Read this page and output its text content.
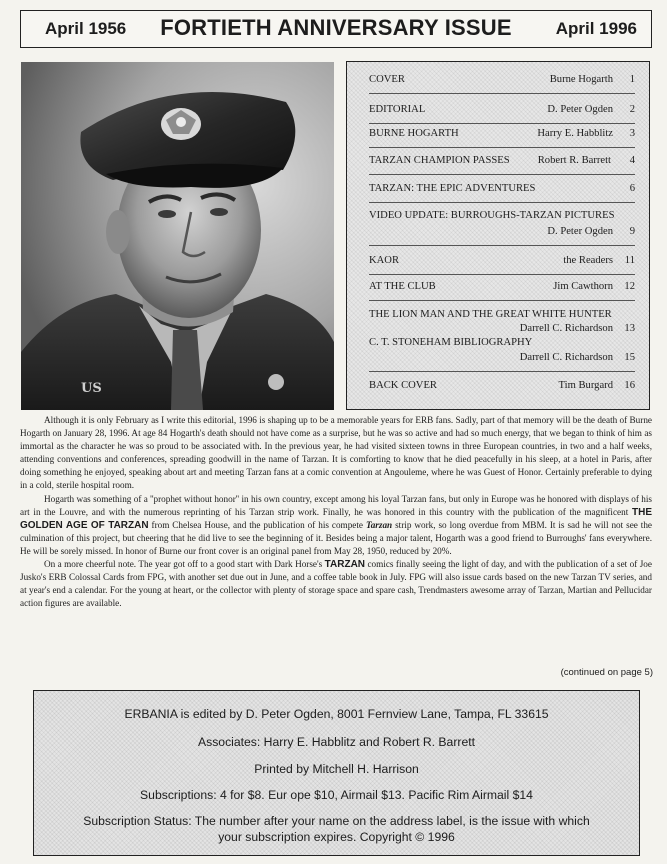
April 1956	FORTIETH ANNIVERSARY ISSUE	April 1996
US
COVER	Burne Hogarth 1
EDITORIAL	D. Peter Ogden 2
BURNE HOGARTH	Harry E. Habblitz 3
TARZAN CHAMPION PASSES	Robert R. Barrett 4
TARZAN: THE EPIC ADVENTURES	6
VIDEO UPDATE: BURROUGHS-TARZAN PICTURES
D. Peter Ogden 9
KAOR	the Readers 11
AT THE CLUB	Jim Cawthorn 12
THE LION MAN AND THE GREAT WHITE HUNTER
Darrell C. Richardson 13
C. T. STONEHAM BIBLIOGRAPHY
Darrell C. Richardson 15
BACK COVER	Tim Burgard 16

Although it is only February as I write this editorial, 1996 is shaping up to be a memorable years for ERB fans. Sadly, part of that memory will be the death of Burne Hogarth on January 28, 1996. At age 84 Hogarth's death should not have come as a surprise, but he was so active and had so much energy, that we began to think of him as immortal as the character he was so proud to be associated with. In the previous year, he had visited sixteen towns in three European countries, in two and a half weeks, attending conventions and conferences, spreading goodwill in the name of Tarzan. It is comforting to know that he died peacefully in his sleep, at a hotel in Paris, after doing something he enjoyed, speaking about art and meeting Tarzan fans at a comic convention at Angouleme, where he was Guest of Honor. Certainly preferable to dying in a cold, sterile hospital room.

Hogarth was something of a ''prophet without honor'' in his own country, except among his loyal Tarzan fans, but only in Europe was he honored with displays of his art in the Louvre, and with the numerous reprinting of his Tarzan strip work. Finally, he was honored in this country with the publication of the magnificent THE GOLDEN AGE OF TARZAN from Chelsea House, and the publication of his compete Tarzan strip work, so long overdue from MBM. It is sad he will not see the culmination of this project, but cheering that he did live to see the beginning of it. Besides being a major talent, Hogarth was a good friend to Burroughs' fans everywhere. He will be sorely missed. In honor of Burne our front cover is an original panel from May 28, 1950, reduced by 20%.

On a more cheerful note. The year got off to a good start with Dark Horse's TARZAN comics finally seeing the light of day, and with the publication of a set of Joe Jusko's ERB Colossal Cards from FPG, with another set due out in June, and a coffee table book in July. FPG will also issue cards based on the new Tarzan TV series, and at year's end a calendar. For the young at heart, or the collector with plenty of storage space and spare cash, Trendmasters awesome array of Tarzan, Martian and Pellucidar action figures are available.

(continued on page 5)
ERBANIA is edited by D. Peter Ogden, 8001 Fernview Lane, Tampa, FL 33615
Associates: Harry E. Habblitz and Robert R. Barrett
Printed by Mitchell H. Harrison
Subscriptions: 4 for $8. Eur ope $10, Airmail $13. Pacific Rim Airmail $14
Subscription Status: The number after your name on the address label, is the issue with which your subscription expires. Copyright © 1996
